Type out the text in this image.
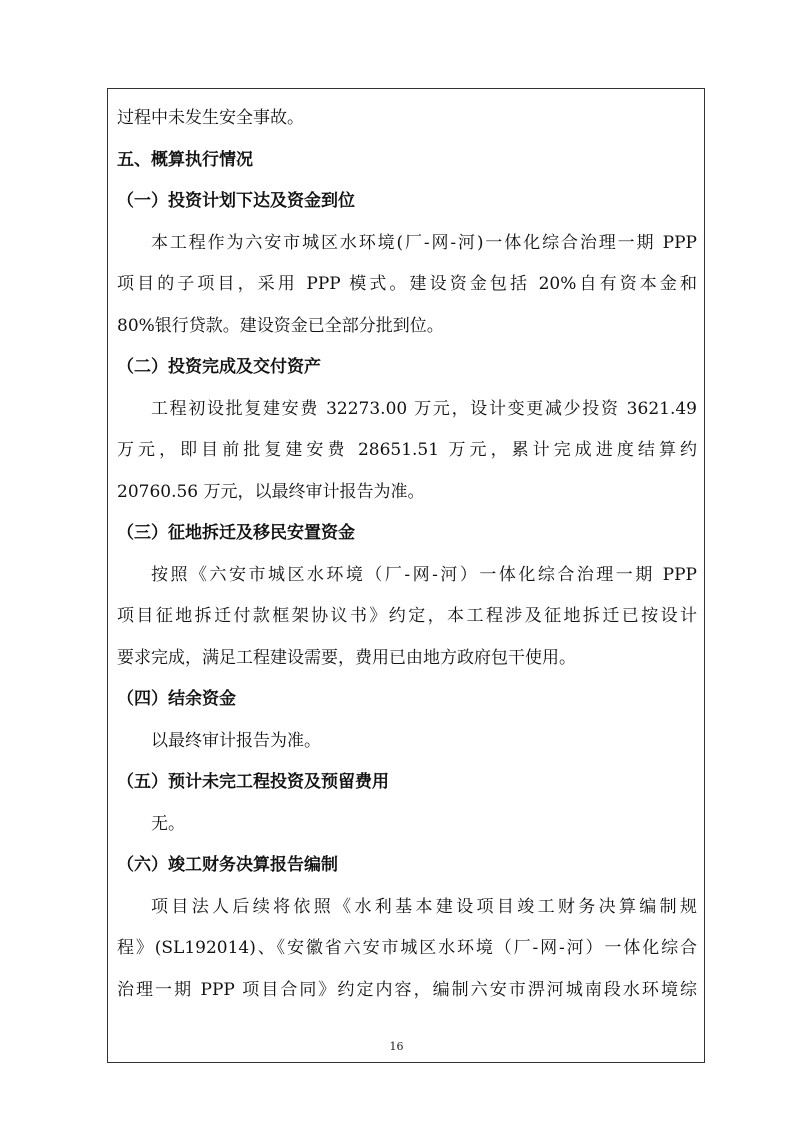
过程中未发生安全事故。
五、概算执行情况
（一）投资计划下达及资金到位
本工程作为六安市城区水环境(厂-网-河)一体化综合治理一期 PPP
项目的子项目，采用 PPP 模式。建设资金包括 20%自有资本金和
80%银行贷款。建设资金已全部分批到位。
（二）投资完成及交付资产
工程初设批复建安费 32273.00 万元，设计变更减少投资 3621.49
万元，即目前批复建安费 28651.51 万元，累计完成进度结算约
20760.56 万元，以最终审计报告为准。
（三）征地拆迁及移民安置资金
按照《六安市城区水环境（厂-网-河）一体化综合治理一期 PPP
项目征地拆迁付款框架协议书》约定，本工程涉及征地拆迁已按设计
要求完成，满足工程建设需要，费用已由地方政府包干使用。
（四）结余资金
以最终审计报告为准。
（五）预计未完工程投资及预留费用
无。
（六）竣工财务决算报告编制
项目法人后续将依照《水利基本建设项目竣工财务决算编制规
程》(SL192014)、《安徽省六安市城区水环境（厂-网-河）一体化综合
治理一期 PPP 项目合同》约定内容，编制六安市淠河城南段水环境综
16
